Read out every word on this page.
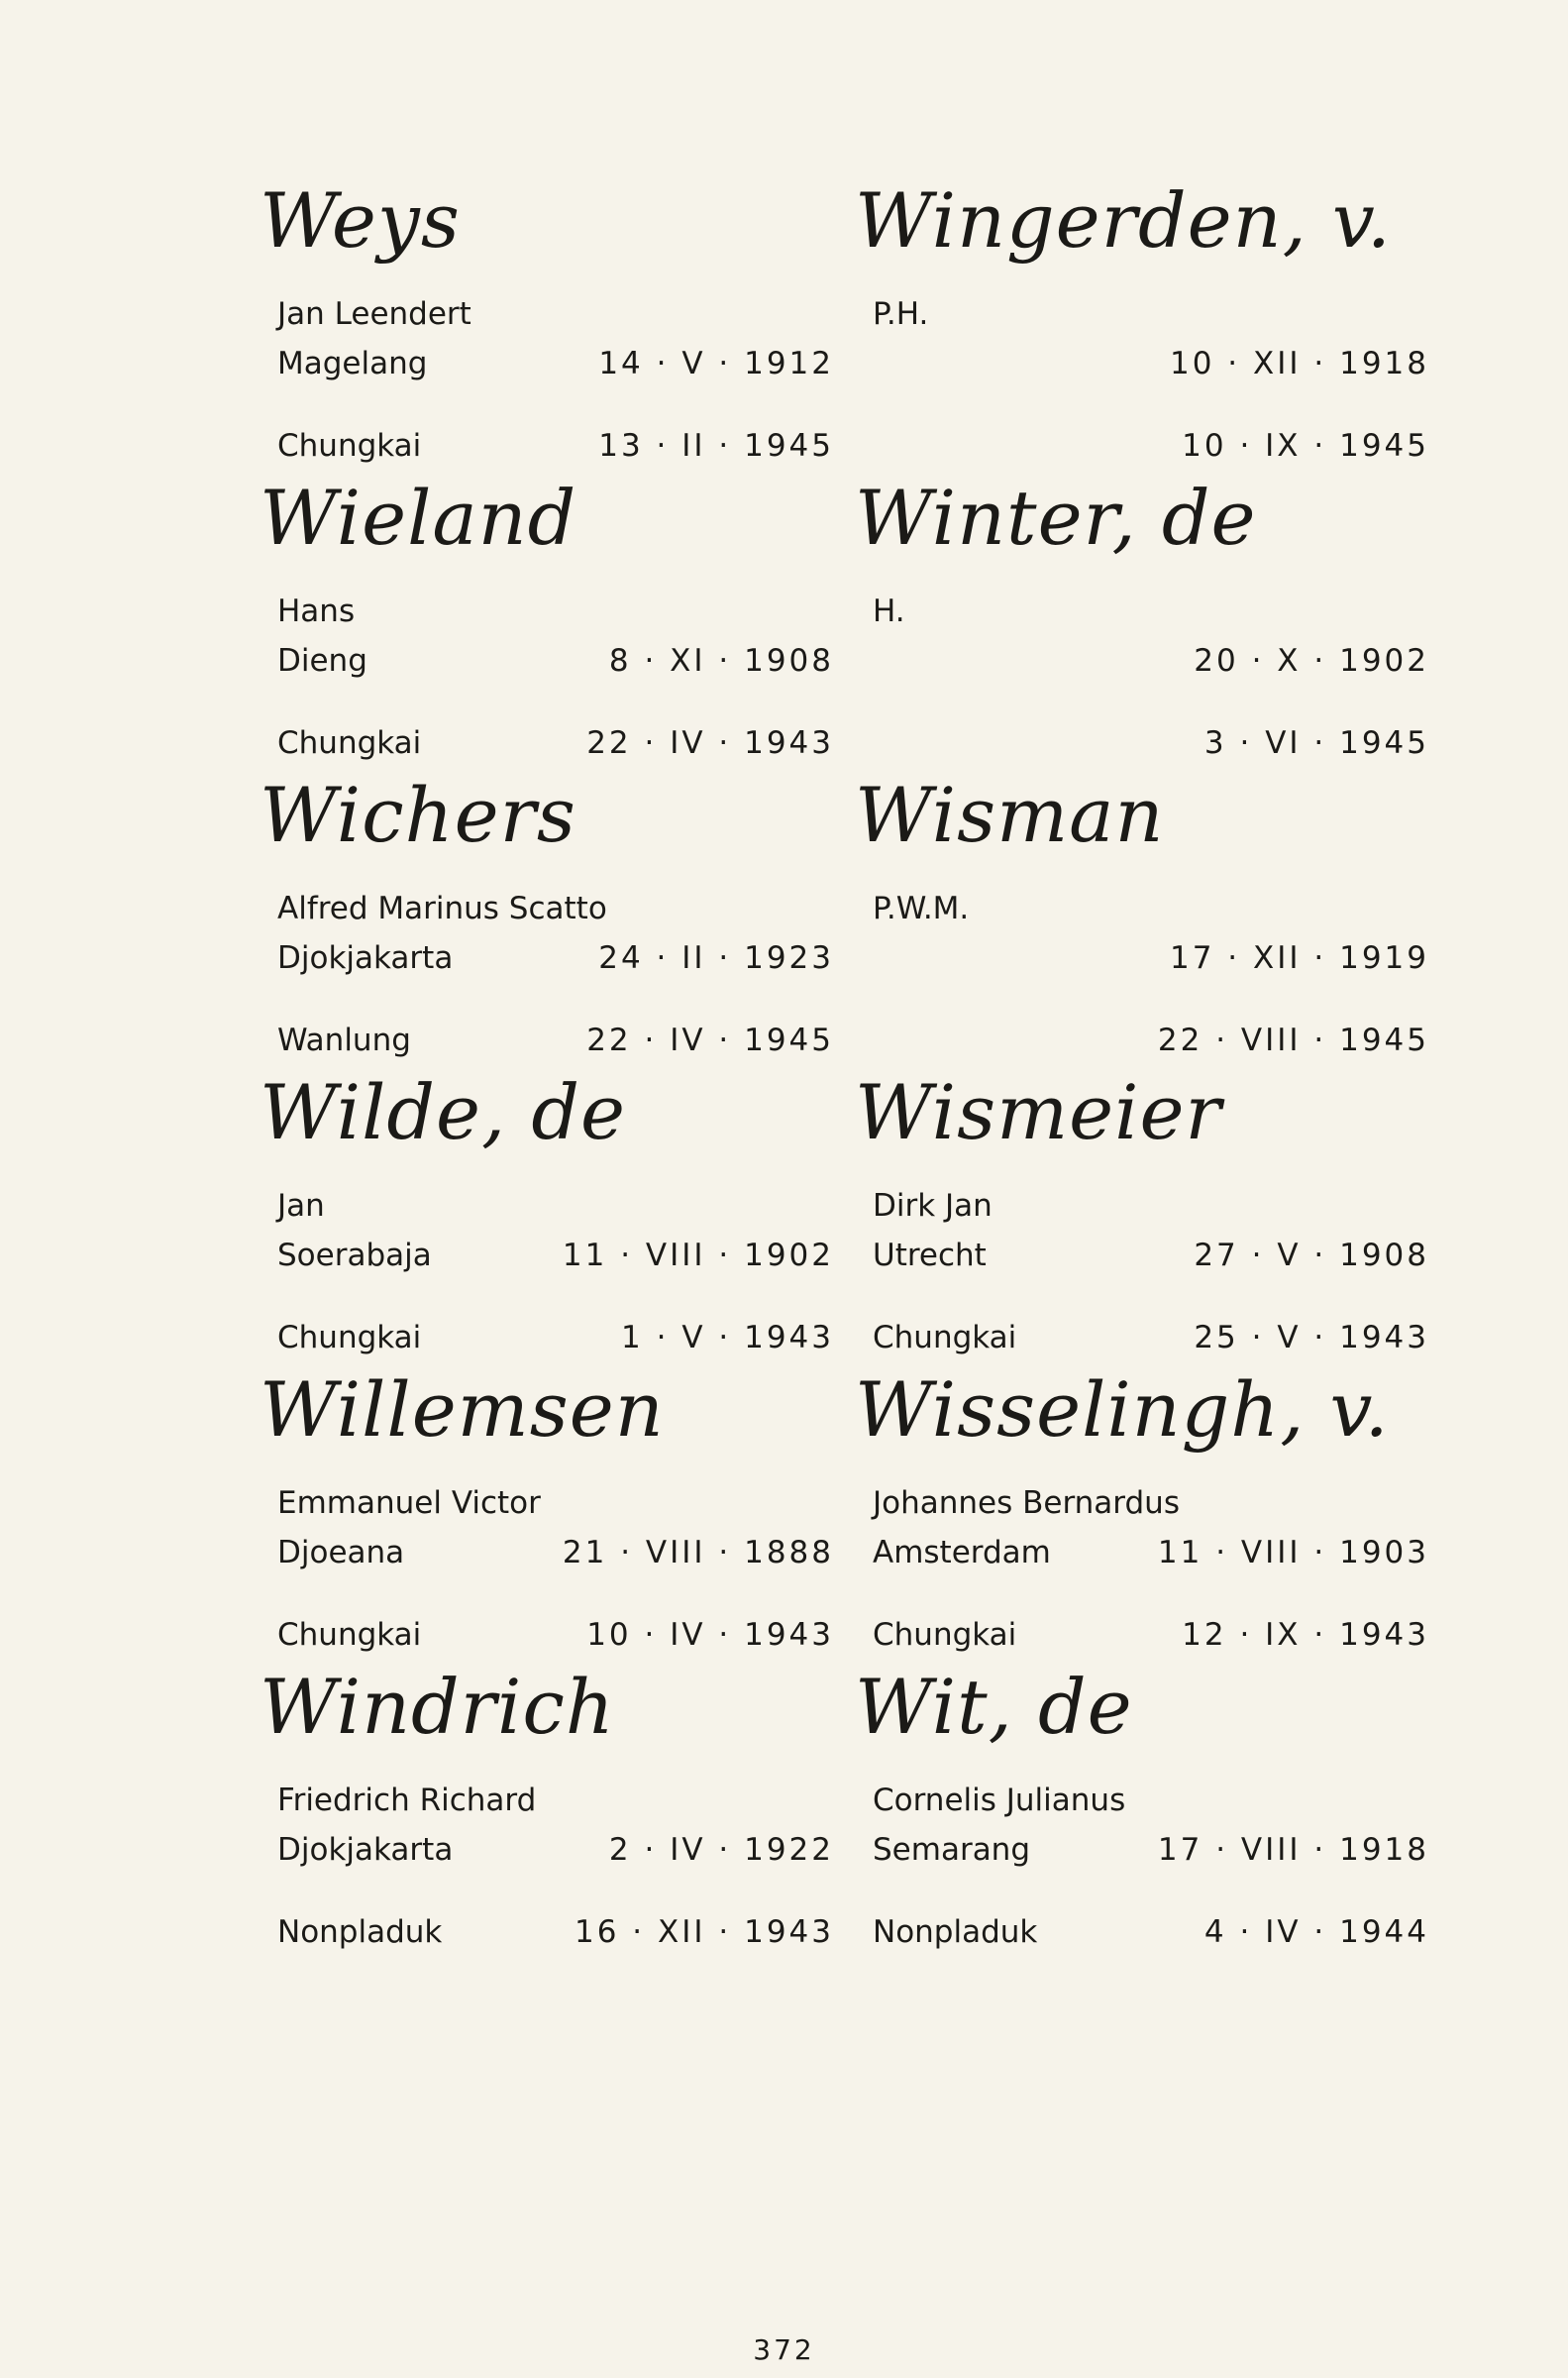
Weys
Jan Leendert
Magelang	14 · V · 1912
Chungkai	13 · II · 1945
Wieland
Hans
Dieng	8 · XI · 1908
Chungkai	22 · IV · 1943
Wichers
Alfred Marinus Scatto
Djokjakarta	24 · II · 1923
Wanlung	22 · IV · 1945
Wilde, de
Jan
Soerabaja	11 · VIII · 1902
Chungkai	1 · V · 1943
Willemsen
Emmanuel Victor
Djoeana	21 · VIII · 1888
Chungkai	10 · IV · 1943
Windrich
Friedrich Richard
Djokjakarta	2 · IV · 1922
Nonpladuk	16 · XII · 1943
Wingerden, v.
P.H.
10 · XII · 1918
10 · IX · 1945
Winter, de
H.
20 · X · 1902
3 · VI · 1945
Wisman
P.W.M.
17 · XII · 1919
22 · VIII · 1945
Wismeier
Dirk Jan
Utrecht	27 · V · 1908
Chungkai	25 · V · 1943
Wisselingh, v.
Johannes Bernardus
Amsterdam	11 · VIII · 1903
Chungkai	12 · IX · 1943
Wit, de
Cornelis Julianus
Semarang	17 · VIII · 1918
Nonpladuk	4 · IV · 1944
372
